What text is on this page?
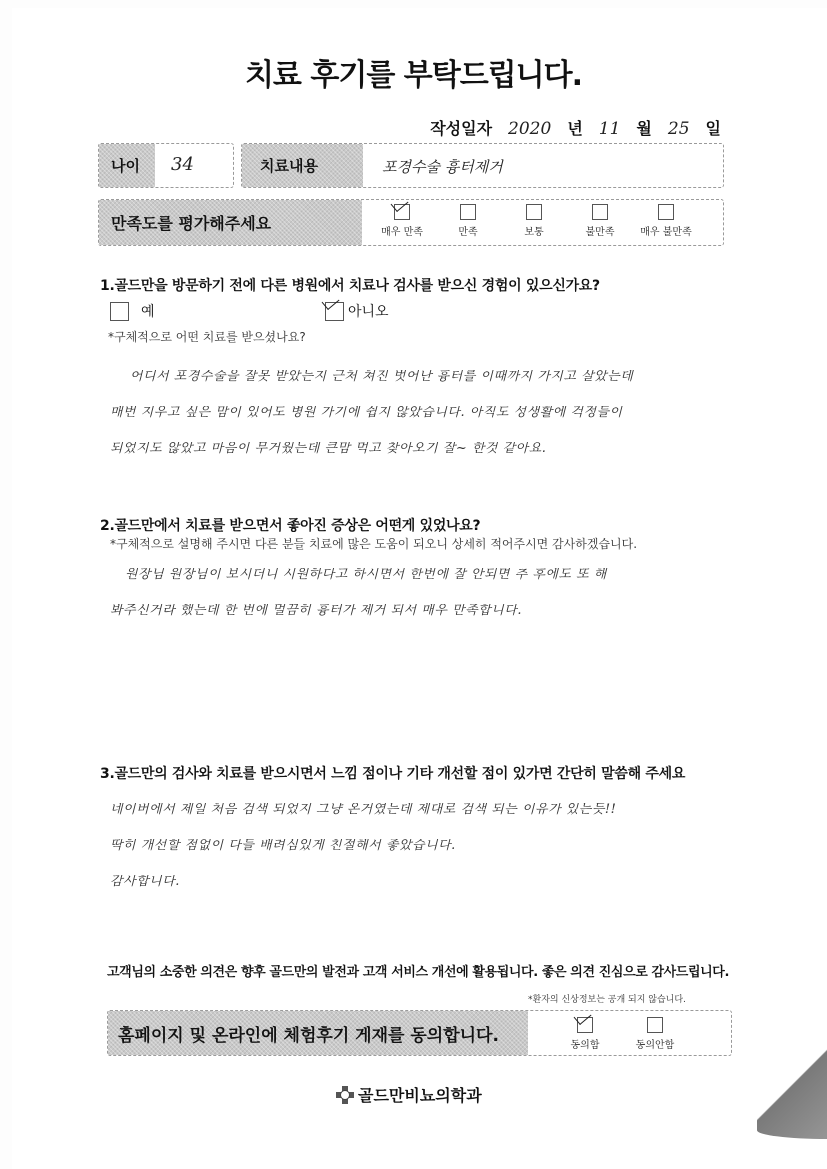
치료 후기를 부탁드립니다.
작성일자 2020 년 11 월 25 일
나이	34	치료내용	포경수술 흉터제거
만족도를 평가해주세요	매우 만족	만족	보통	불만족	매우 불만족
1.골드만을 방문하기 전에 다른 병원에서 치료나 검사를 받으신 경험이 있으신가요?
예	아니오
*구체적으로 어떤 치료를 받으셨나요?
어디서 포경수술을 잘못 받았는지 근처 쳐진 벗어난 흉터를 이때까지 가지고 살았는데
매번 지우고 싶은 맘이 있어도 병원 가기에 쉽지 않았습니다. 아직도 성생활에 걱정들이
되었지도 않았고 마음이 무거웠는데 큰맘 먹고 찾아오기 잘~ 한것 같아요.
2.골드만에서 치료를 받으면서 좋아진 증상은 어떤게 있었나요?
*구체적으로 설명해 주시면 다른 분들 치료에 많은 도움이 되오니 상세히 적어주시면 감사하겠습니다.
원장님 원장님이 보시더니 시원하다고 하시면서 한번에 잘 안되면 추 후에도 또 해
봐주신거라 했는데 한 번에 멀끔히 흉터가 제거 되서 매우 만족합니다.
3.골드만의 검사와 치료를 받으시면서 느낌 점이나 기타 개선할 점이 있가면 간단히 말씀해 주세요
네이버에서 제일 처음 검색 되었지 그냥 온거였는데 제대로 검색 되는 이유가 있는듯!!
딱히 개선할 점없이 다들 배려심있게 친절해서 좋았습니다.
감사합니다.
고객님의 소중한 의견은 향후 골드만의 발전과 고객 서비스 개선에 활용됩니다. 좋은 의견 진심으로 감사드립니다.
*환자의 신상정보는 공개 되지 않습니다.
홈페이지 및 온라인에 체험후기 게재를 동의합니다.	동의함	동의안함
골드만비뇨의학과
